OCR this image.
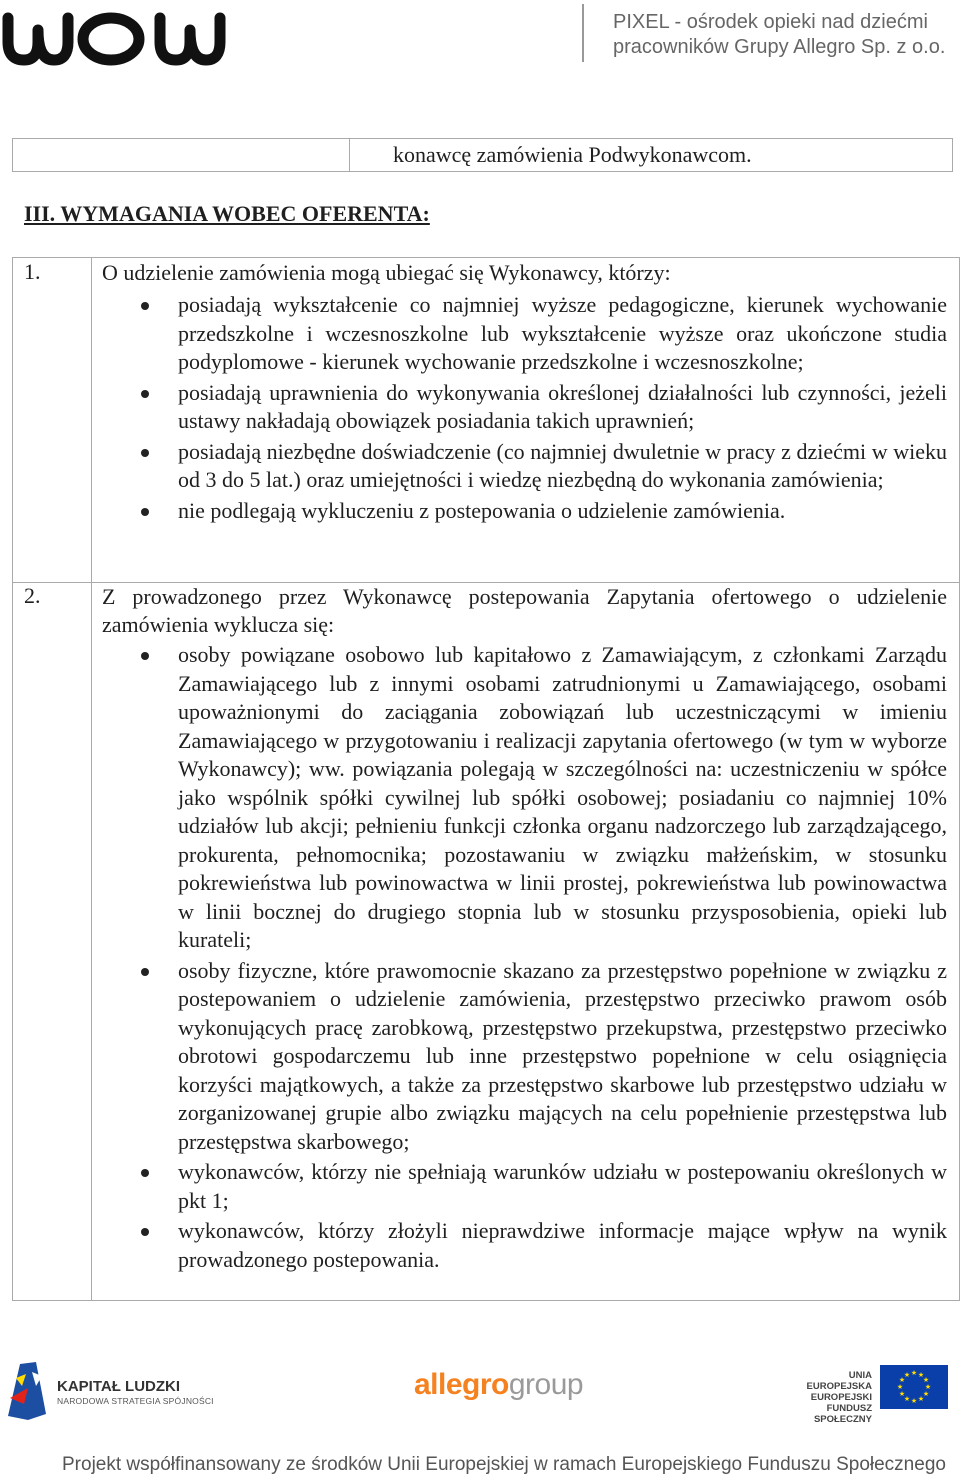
PIXEL - ośrodek opieki nad dziećmi
pracowników Grupy Allegro Sp. z o.o.
konawcę zamówienia Podwykonawcom.
III. WYMAGANIA WOBEC OFERENTA:
1.	O udzielenie zamówienia mogą ubiegać się Wykonawcy, którzy:
posiadają wykształcenie co najmniej wyższe pedagogiczne, kierunek wychowanie przedszkolne i wczesnoszkolne lub wykształcenie wyższe oraz ukończone studia podyplomowe - kierunek wychowanie przedszkolne i wczesnoszkolne;
posiadają uprawnienia do wykonywania określonej działalności lub czynności, jeżeli ustawy nakładają obowiązek posiadania takich uprawnień;
posiadają niezbędne doświadczenie (co najmniej dwuletnie w pracy z dziećmi w wieku od 3 do 5 lat.) oraz umiejętności i wiedzę niezbędną do wykonania zamówienia;
nie podlegają wykluczeniu z postepowania o udzielenie zamówienia.
2.	Z prowadzonego przez Wykonawcę postepowania Zapytania ofertowego o udzielenie zamówienia wyklucza się:
osoby powiązane osobowo lub kapitałowo z Zamawiającym, z członkami Zarządu Zamawiającego lub z innymi osobami zatrudnionymi u Zamawiającego, osobami upoważnionymi do zaciągania zobowiązań lub uczestniczącymi w imieniu Zamawiającego w przygotowaniu i realizacji zapytania ofertowego (w tym w wyborze Wykonawcy); ww. powiązania polegają w szczególności na: uczestniczeniu w spółce jako wspólnik spółki cywilnej lub spółki osobowej; posiadaniu co najmniej 10% udziałów lub akcji; pełnieniu funkcji członka organu nadzorczego lub zarządzającego, prokurenta, pełnomocnika; pozostawaniu w związku małżeńskim, w stosunku pokrewieństwa lub powinowactwa w linii prostej, pokrewieństwa lub powinowactwa w linii bocznej do drugiego stopnia lub w stosunku przysposobienia, opieki lub kurateli;
osoby fizyczne, które prawomocnie skazano za przestępstwo popełnione w związku z postepowaniem o udzielenie zamówienia, przestępstwo przeciwko prawom osób wykonujących pracę zarobkową, przestępstwo przekupstwa, przestępstwo przeciwko obrotowi gospodarczemu lub inne przestępstwo popełnione w celu osiągnięcia korzyści majątkowych, a także za przestępstwo skarbowe lub przestępstwo udziału w zorganizowanej grupie albo związku mających na celu popełnienie przestępstwa lub przestępstwa skarbowego;
wykonawców, którzy nie spełniają warunków udziału w postepowaniu określonych w pkt 1;
wykonawców, którzy złożyli nieprawdziwe informacje mające wpływ na wynik prowadzonego postepowania.
KAPITAŁ LUDZKI
NARODOWA STRATEGIA SPÓJNOŚCI	allegrogroup	UNIA EUROPEJSKA
EUROPEJSKI
FUNDUSZ SPOŁECZNY
★ ★
★
★
★
★
★
★
★
★
★
★
Projekt współfinansowany ze środków Unii Europejskiej w ramach Europejskiego Funduszu Społecznego
